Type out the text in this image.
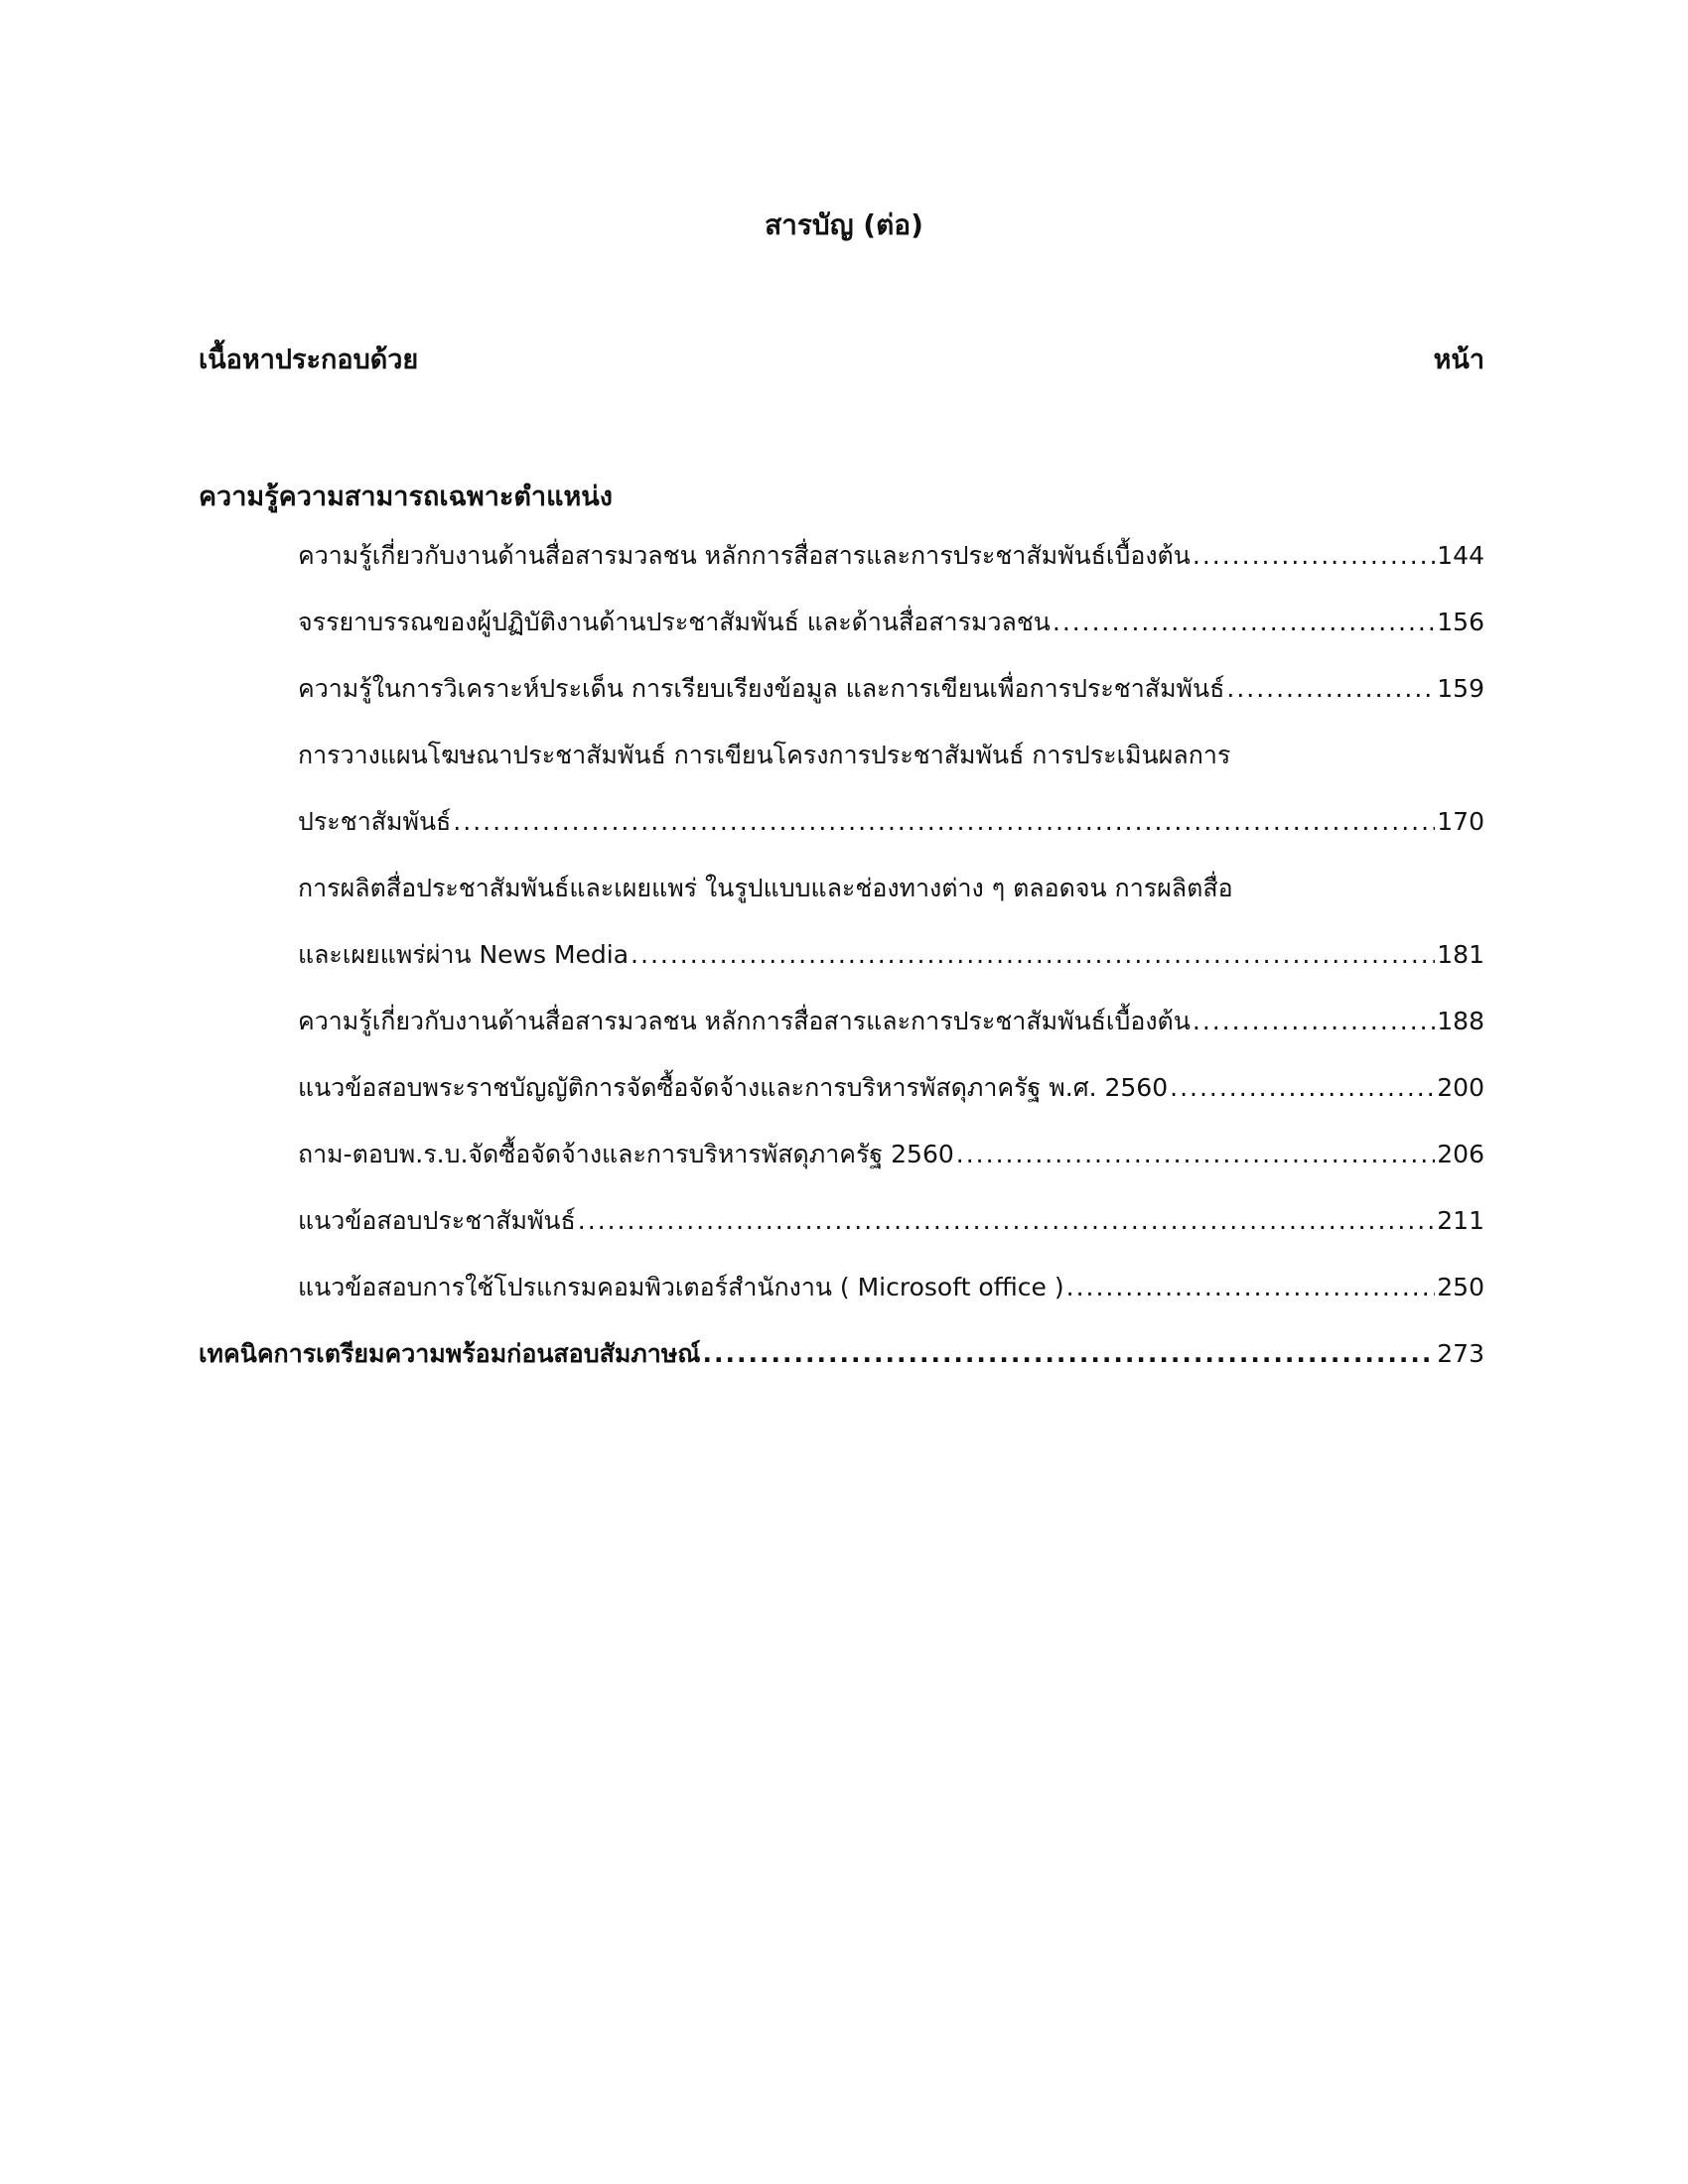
สารบัญ (ต่อ)
เนื้อหาประกอบด้วย	หน้า
ความรู้ความสามารถเฉพาะตำแหน่ง
ความรู้เกี่ยวกับงานด้านสื่อสารมวลชน หลักการสื่อสารและการประชาสัมพันธ์เบื้องต้น .....	144
จรรยาบรรณของผู้ปฏิบัติงานด้านประชาสัมพันธ์ และด้านสื่อสารมวลชน .....	156
ความรู้ในการวิเคราะห์ประเด็น การเรียบเรียงข้อมูล และการเขียนเพื่อการประชาสัมพันธ์ .....	159
การวางแผนโฆษณาประชาสัมพันธ์ การเขียนโครงการประชาสัมพันธ์ การประเมินผลการ
ประชาสัมพันธ์ .....	170
การผลิตสื่อประชาสัมพันธ์และเผยแพร่ ในรูปแบบและช่องทางต่าง ๆ ตลอดจน การผลิตสื่อ
และเผยแพร่ผ่าน News Media .....	181
ความรู้เกี่ยวกับงานด้านสื่อสารมวลชน หลักการสื่อสารและการประชาสัมพันธ์เบื้องต้น .....	188
แนวข้อสอบพระราชบัญญัติการจัดซื้อจัดจ้างและการบริหารพัสดุภาครัฐ พ.ศ. 2560 .....	200
ถาม-ตอบพ.ร.บ.จัดซื้อจัดจ้างและการบริหารพัสดุภาครัฐ 2560 .....	206
แนวข้อสอบประชาสัมพันธ์ .....	211
แนวข้อสอบการใช้โปรแกรมคอมพิวเตอร์สำนักงาน ( Microsoft office ) .....	250
เทคนิคการเตรียมความพร้อมก่อนสอบสัมภาษณ์ .....	273
